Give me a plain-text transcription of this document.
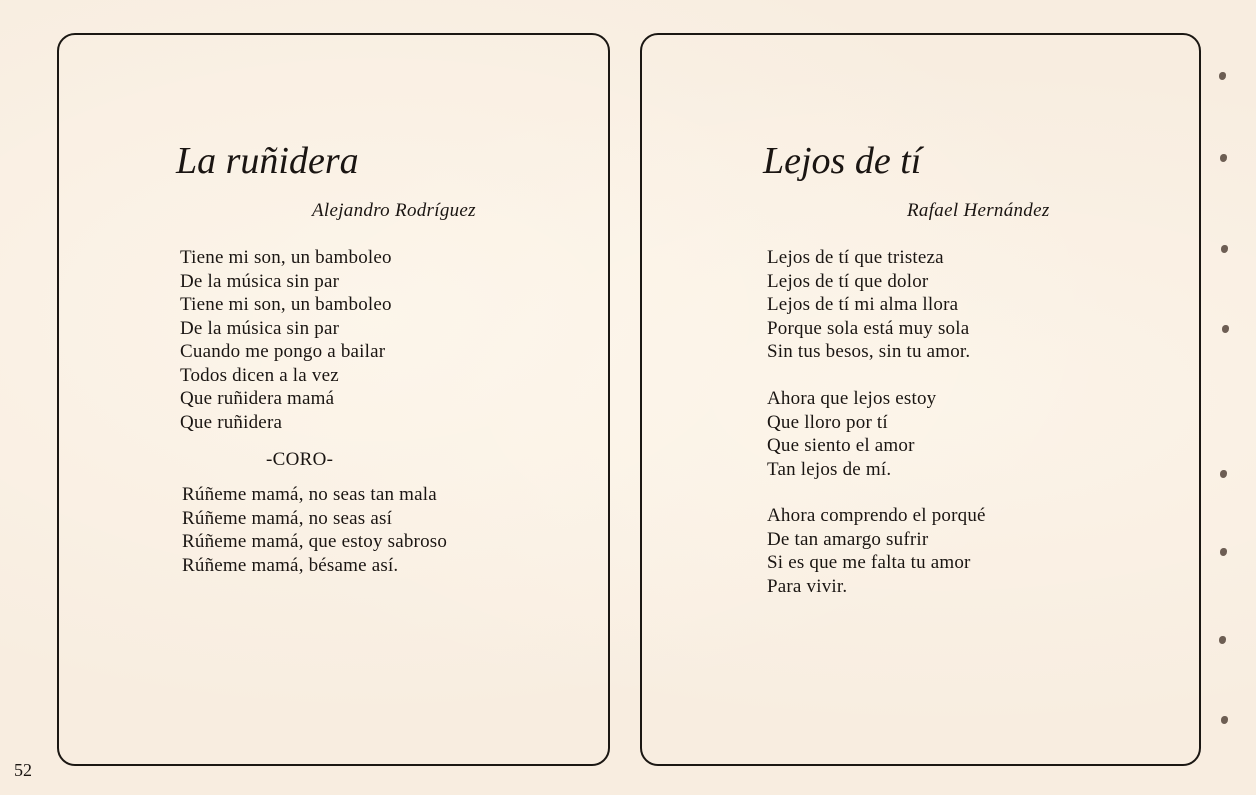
La ruñidera
Alejandro Rodríguez
Tiene mi son, un bamboleo
De la música sin par
Tiene mi son, un bamboleo
De la música sin par
Cuando me pongo a bailar
Todos dicen a la vez
Que ruñidera mamá
Que ruñidera
-CORO-
Rúñeme mamá, no seas tan mala
Rúñeme mamá, no seas así
Rúñeme mamá, que estoy sabroso
Rúñeme mamá, bésame así.
Lejos de tí
Rafael Hernández
Lejos de tí que tristeza
Lejos de tí que dolor
Lejos de tí mi alma llora
Porque sola está muy sola
Sin tus besos, sin tu amor.
Ahora que lejos estoy
Que lloro por tí
Que siento el amor
Tan lejos de mí.
Ahora comprendo el porqué
De tan amargo sufrir
Si es que me falta tu amor
Para vivir.
52
